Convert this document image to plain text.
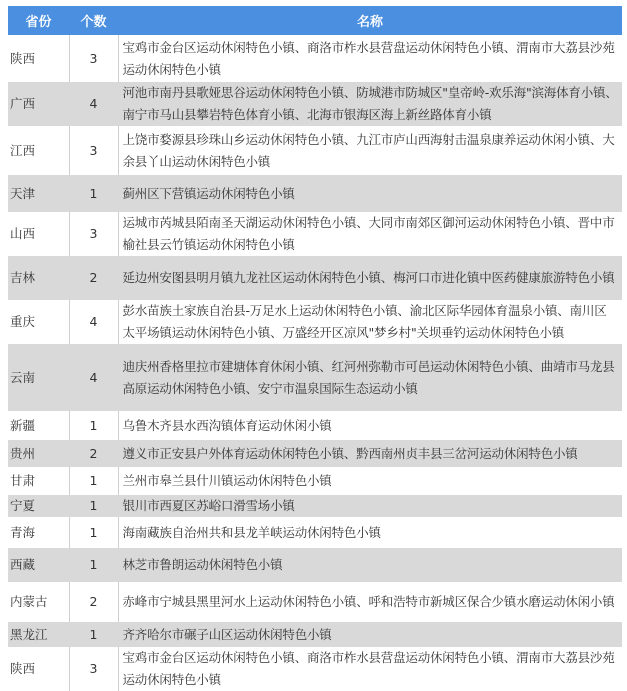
省份	个数	名称
陕西	3	宝鸡市金台区运动休闲特色小镇、商洛市柞水县营盘运动休闲特色小镇、渭南市大荔县沙苑运动休闲特色小镇
广西	4	河池市南丹县歌娅思谷运动休闲特色小镇、防城港市防城区"皇帝岭-欢乐海"滨海体育小镇、南宁市马山县攀岩特色体育小镇、北海市银海区海上新丝路体育小镇
江西	3	上饶市婺源县珍珠山乡运动休闲特色小镇、九江市庐山西海射击温泉康养运动休闲小镇、大余县丫山运动休闲特色小镇
天津	1	蓟州区下营镇运动休闲特色小镇
山西	3	运城市芮城县陌南圣天湖运动休闲特色小镇、大同市南郊区御河运动休闲特色小镇、晋中市榆社县云竹镇运动休闲特色小镇
吉林	2	延边州安图县明月镇九龙社区运动休闲特色小镇、梅河口市进化镇中医药健康旅游特色小镇
重庆	4	彭水苗族土家族自治县-万足水上运动休闲特色小镇、渝北区际华园体育温泉小镇、南川区太平场镇运动休闲特色小镇、万盛经开区凉风"梦乡村"关坝垂钓运动休闲特色小镇
云南	4	迪庆州香格里拉市建塘体育休闲小镇、红河州弥勒市可邑运动休闲特色小镇、曲靖市马龙县高原运动休闲特色小镇、安宁市温泉国际生态运动小镇
新疆	1	乌鲁木齐县水西沟镇体育运动休闲小镇
贵州	2	遵义市正安县户外体育运动休闲特色小镇、黔西南州贞丰县三岔河运动休闲特色小镇
甘肃	1	兰州市皋兰县什川镇运动休闲特色小镇
宁夏	1	银川市西夏区苏峪口滑雪场小镇
青海	1	海南藏族自治州共和县龙羊峡运动休闲特色小镇
西藏	1	林芝市鲁朗运动休闲特色小镇
内蒙古	2	赤峰市宁城县黑里河水上运动休闲特色小镇、呼和浩特市新城区保合少镇水磨运动休闲小镇
黑龙江	1	齐齐哈尔市碾子山区运动休闲特色小镇
陕西	3	宝鸡市金台区运动休闲特色小镇、商洛市柞水县营盘运动休闲特色小镇、渭南市大荔县沙苑运动休闲特色小镇
